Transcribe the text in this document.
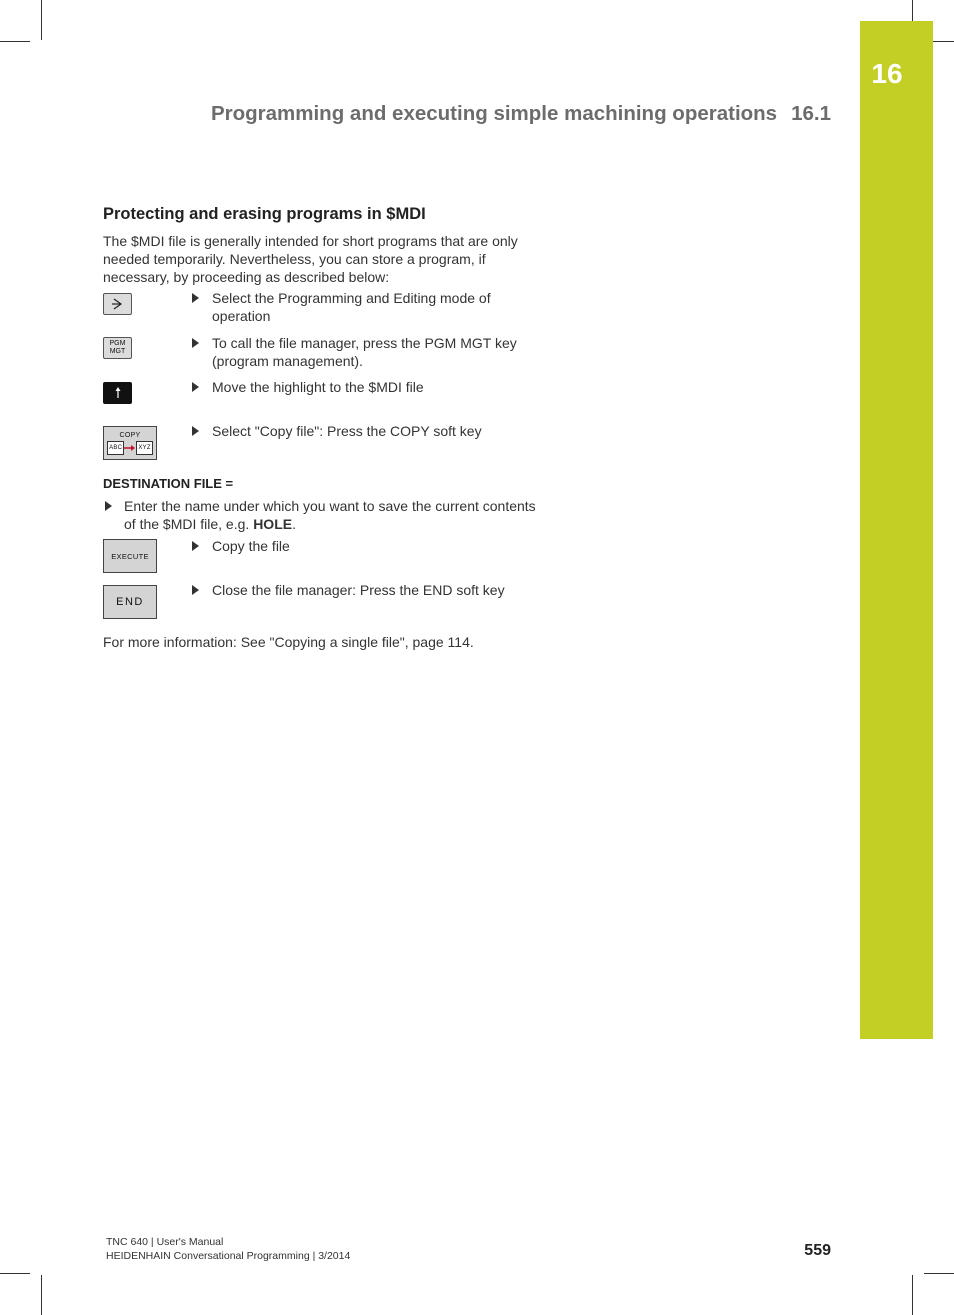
16
Programming and executing simple machining operations 16.1
Protecting and erasing programs in $MDI
The $MDI file is generally intended for short programs that are only needed temporarily. Nevertheless, you can store a program, if necessary, by proceeding as described below:
Select the Programming and Editing mode of operation
PGM
MGT
To call the file manager, press the PGM MGT key (program management).
Move the highlight to the $MDI file
COPY
ABC	XYZ
Select "Copy file": Press the COPY soft key
DESTINATION FILE =
Enter the name under which you want to save the current contents of the $MDI file, e.g. HOLE.
EXECUTE
Copy the file
END
Close the file manager: Press the END soft key
For more information: See "Copying a single file", page 114.
TNC 640 | User's Manual
HEIDENHAIN Conversational Programming | 3/2014	559
